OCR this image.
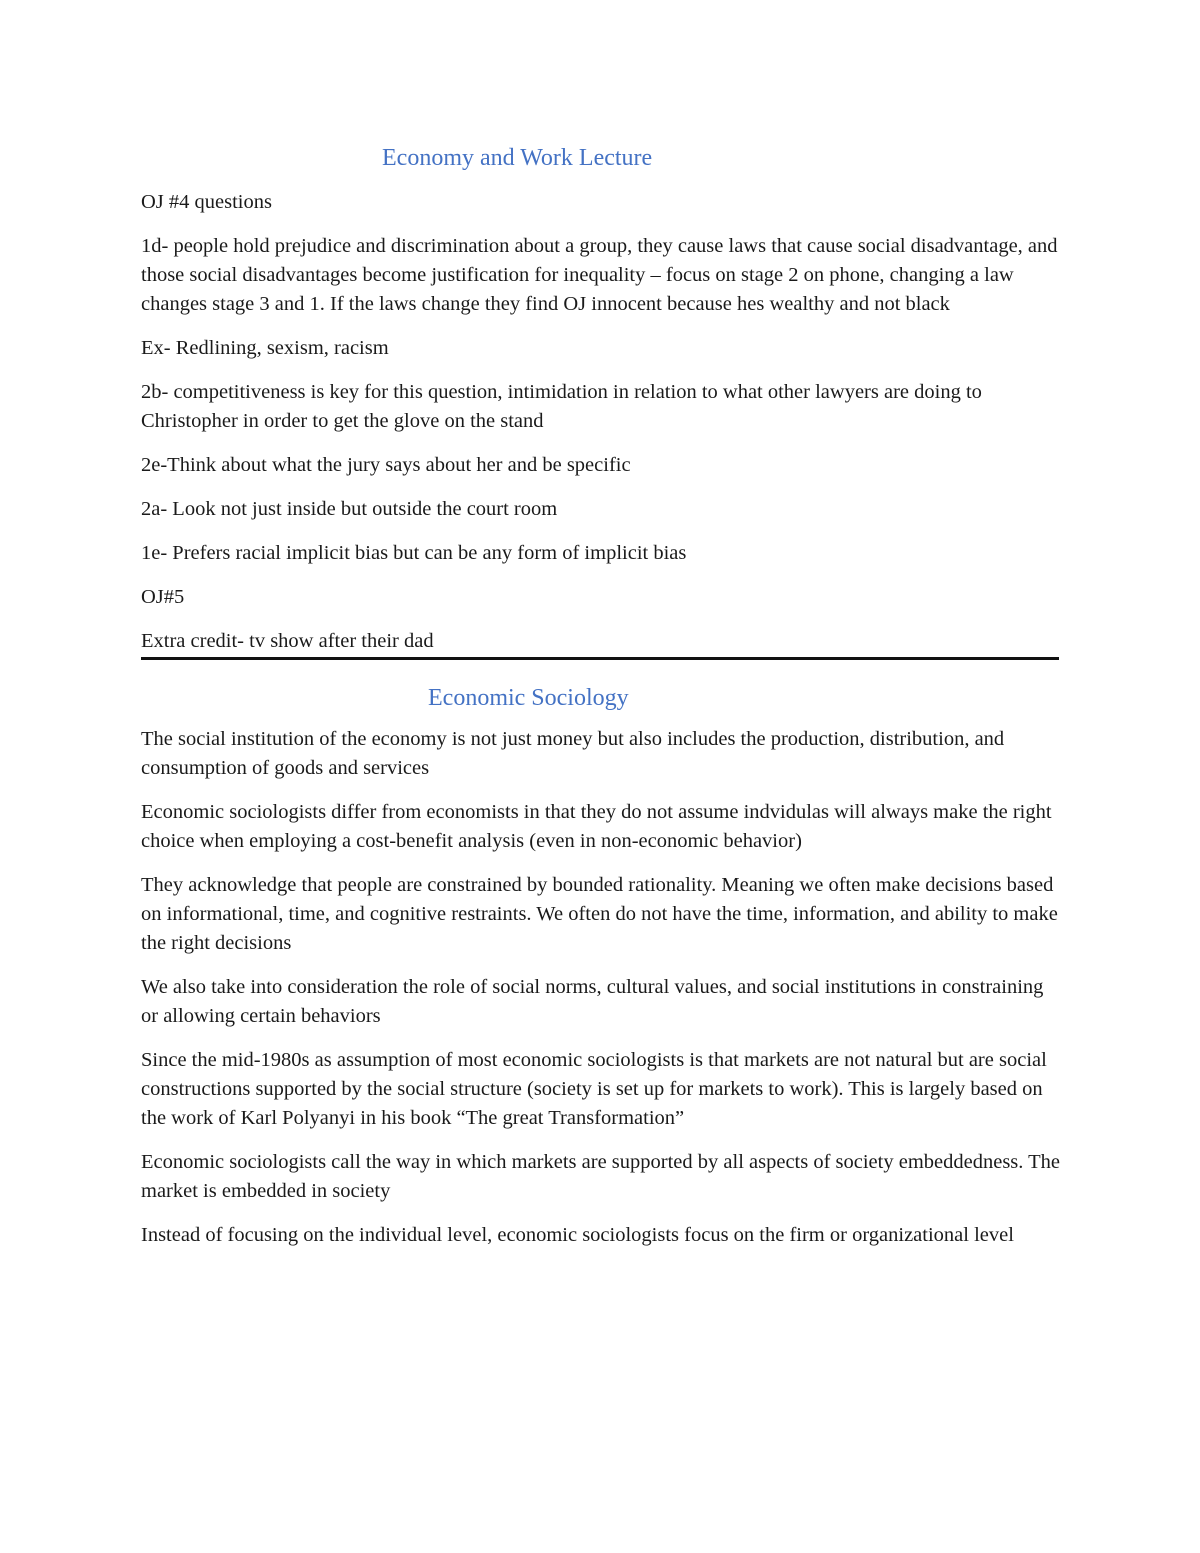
Economy and Work Lecture

OJ #4 questions

1d- people hold prejudice and discrimination about a group, they cause laws that cause social disadvantage, and those social disadvantages become justification for inequality – focus on stage 2 on phone, changing a law changes stage 3 and 1. If the laws change they find OJ innocent because hes wealthy and not black

Ex- Redlining, sexism, racism

2b- competitiveness is key for this question, intimidation in relation to what other lawyers are doing to Christopher in order to get the glove on the stand

2e-Think about what the jury says about her and be specific

2a- Look not just inside but outside the court room

1e- Prefers racial implicit bias but can be any form of implicit bias

OJ#5

Extra credit- tv show after their dad

Economic Sociology

The social institution of the economy is not just money but also includes the production, distribution, and consumption of goods and services

Economic sociologists differ from economists in that they do not assume indvidulas will always make the right choice when employing a cost-benefit analysis (even in non-economic behavior)

They acknowledge that people are constrained by bounded rationality. Meaning we often make decisions based on informational, time, and cognitive restraints. We often do not have the time, information, and ability to make the right decisions

We also take into consideration the role of social norms, cultural values, and social institutions in constraining or allowing certain behaviors

Since the mid-1980s as assumption of most economic sociologists is that markets are not natural but are social constructions supported by the social structure (society is set up for markets to work). This is largely based on the work of Karl Polyanyi in his book “The great Transformation”

Economic sociologists call the way in which markets are supported by all aspects of society embeddedness. The market is embedded in society

Instead of focusing on the individual level, economic sociologists focus on the firm or organizational level
